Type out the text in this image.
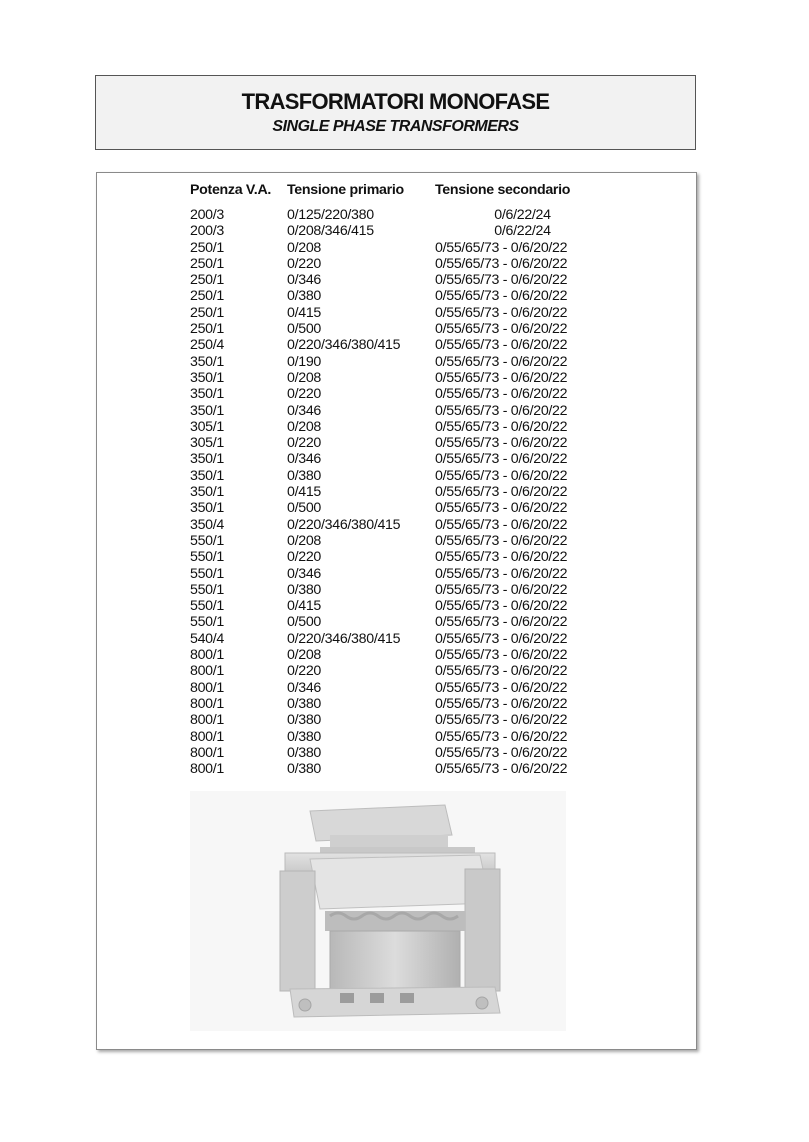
TRASFORMATORI MONOFASE
SINGLE PHASE TRANSFORMERS
Potenza V.A.	Tensione primario	Tensione secondario
200/3	0/125/220/380	0/6/22/24
200/3	0/208/346/415	0/6/22/24
250/1	0/208	0/55/65/73 - 0/6/20/22
250/1	0/220	0/55/65/73 - 0/6/20/22
250/1	0/346	0/55/65/73 - 0/6/20/22
250/1	0/380	0/55/65/73 - 0/6/20/22
250/1	0/415	0/55/65/73 - 0/6/20/22
250/1	0/500	0/55/65/73 - 0/6/20/22
250/4	0/220/346/380/415	0/55/65/73 - 0/6/20/22
350/1	0/190	0/55/65/73 - 0/6/20/22
350/1	0/208	0/55/65/73 - 0/6/20/22
350/1	0/220	0/55/65/73 - 0/6/20/22
350/1	0/346	0/55/65/73 - 0/6/20/22
305/1	0/208	0/55/65/73 - 0/6/20/22
305/1	0/220	0/55/65/73 - 0/6/20/22
350/1	0/346	0/55/65/73 - 0/6/20/22
350/1	0/380	0/55/65/73 - 0/6/20/22
350/1	0/415	0/55/65/73 - 0/6/20/22
350/1	0/500	0/55/65/73 - 0/6/20/22
350/4	0/220/346/380/415	0/55/65/73 - 0/6/20/22
550/1	0/208	0/55/65/73 - 0/6/20/22
550/1	0/220	0/55/65/73 - 0/6/20/22
550/1	0/346	0/55/65/73 - 0/6/20/22
550/1	0/380	0/55/65/73 - 0/6/20/22
550/1	0/415	0/55/65/73 - 0/6/20/22
550/1	0/500	0/55/65/73 - 0/6/20/22
540/4	0/220/346/380/415	0/55/65/73 - 0/6/20/22
800/1	0/208	0/55/65/73 - 0/6/20/22
800/1	0/220	0/55/65/73 - 0/6/20/22
800/1	0/346	0/55/65/73 - 0/6/20/22
800/1	0/380	0/55/65/73 - 0/6/20/22
800/1	0/380	0/55/65/73 - 0/6/20/22
800/1	0/380	0/55/65/73 - 0/6/20/22
800/1	0/380	0/55/65/73 - 0/6/20/22
800/1	0/380	0/55/65/73 - 0/6/20/22
